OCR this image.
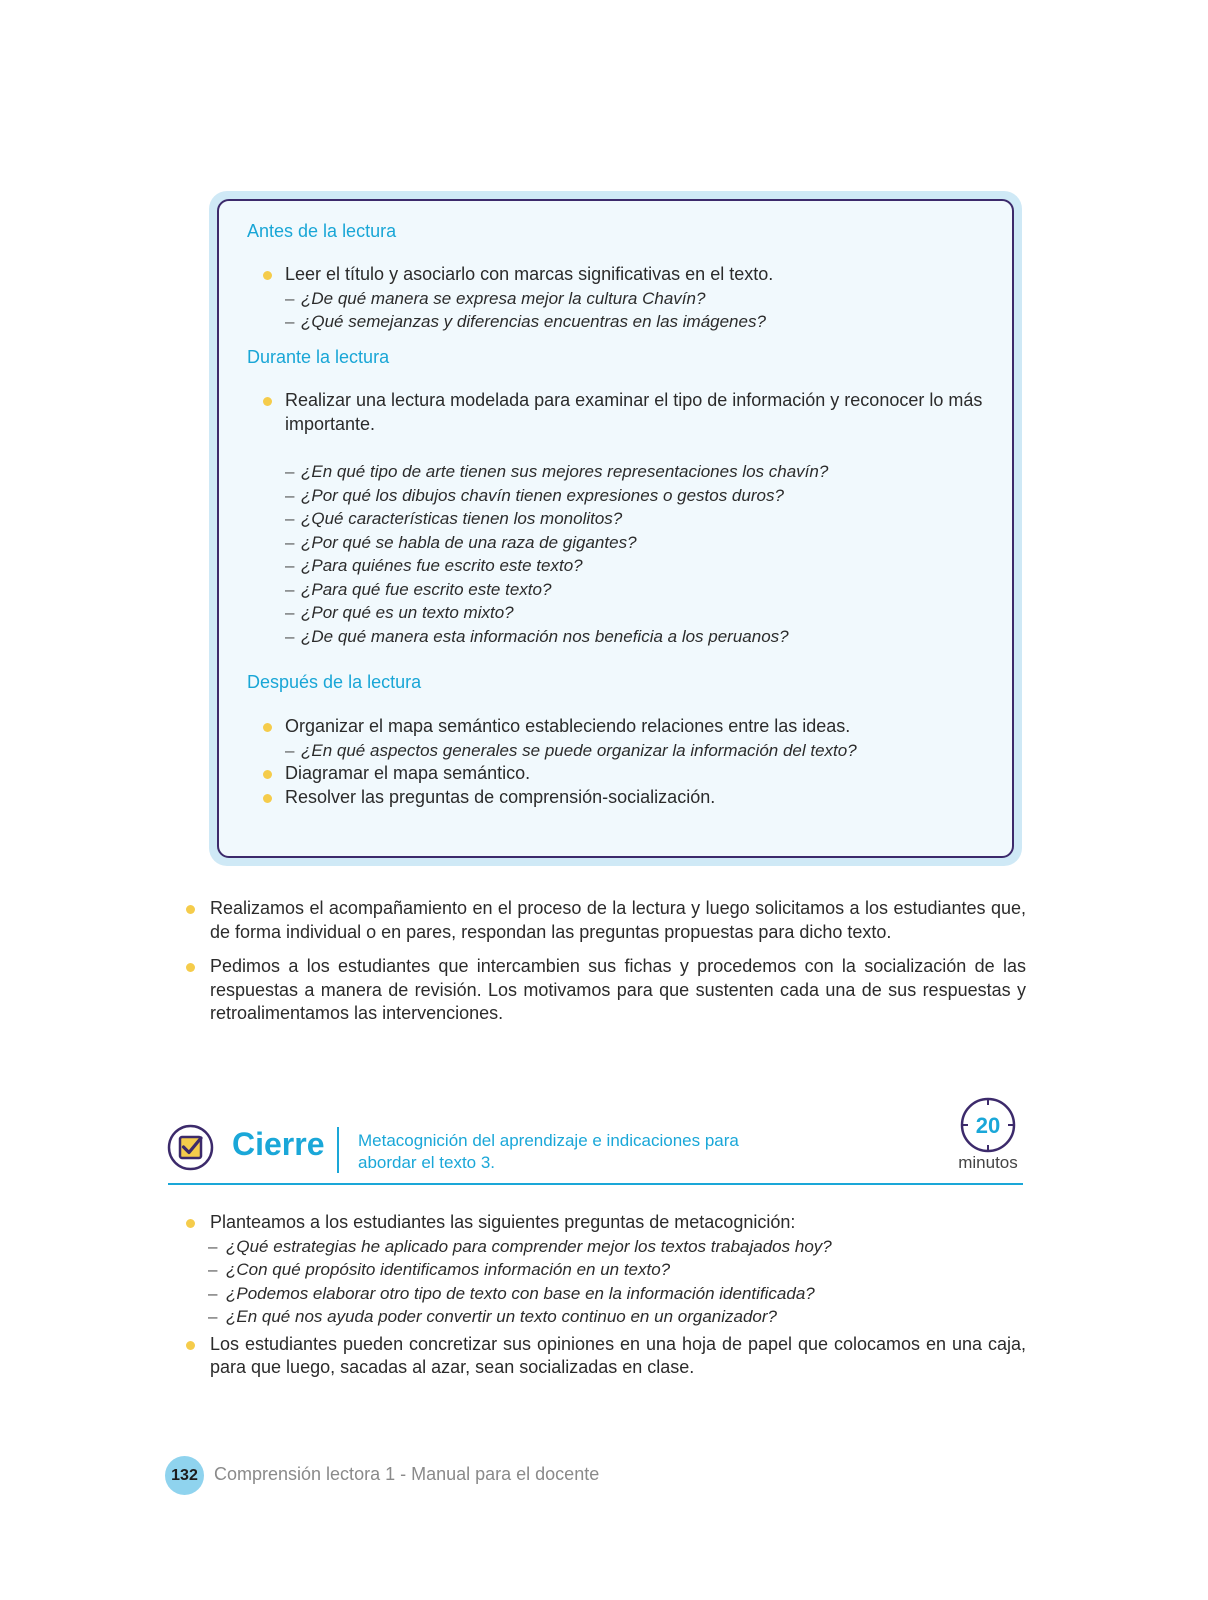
Antes de la lectura
Leer el título y asociarlo con marcas significativas en el texto.
– ¿De qué manera se expresa mejor la cultura Chavín?
– ¿Qué semejanzas y diferencias encuentras en las imágenes?
Durante la lectura
Realizar una lectura modelada para examinar el tipo de información y reconocer lo más importante.
– ¿En qué tipo de arte tienen sus mejores representaciones los chavín?
– ¿Por qué los dibujos chavín tienen expresiones o gestos duros?
– ¿Qué características tienen los monolitos?
– ¿Por qué se habla de una raza de gigantes?
– ¿Para quiénes fue escrito este texto?
– ¿Para qué fue escrito este texto?
– ¿Por qué es un texto mixto?
– ¿De qué manera esta información nos beneficia a los peruanos?
Después de la lectura
Organizar el mapa semántico estableciendo relaciones entre las ideas.
– ¿En qué aspectos generales se puede organizar la información del texto?
Diagramar el mapa semántico.
Resolver las preguntas de comprensión-socialización.
Realizamos el acompañamiento en el proceso de la lectura y luego solicitamos a los estudiantes que, de forma individual o en pares, respondan las preguntas propuestas para dicho texto.
Pedimos a los estudiantes que intercambien sus fichas y procedemos con la socialización de las respuestas a manera de revisión. Los motivamos para que sustenten cada una de sus respuestas y retroalimentamos las intervenciones.
Cierre Metacognición del aprendizaje e indicaciones para abordar el texto 3.
20
minutos
Planteamos a los estudiantes las siguientes preguntas de metacognición:
– ¿Qué estrategias he aplicado para comprender mejor los textos trabajados hoy?
– ¿Con qué propósito identificamos información en un texto?
– ¿Podemos elaborar otro tipo de texto con base en la información identificada?
– ¿En qué nos ayuda poder convertir un texto continuo en un organizador?
Los estudiantes pueden concretizar sus opiniones en una hoja de papel que colocamos en una caja, para que luego, sacadas al azar, sean socializadas en clase.
132 Comprensión lectora 1 - Manual para el docente
